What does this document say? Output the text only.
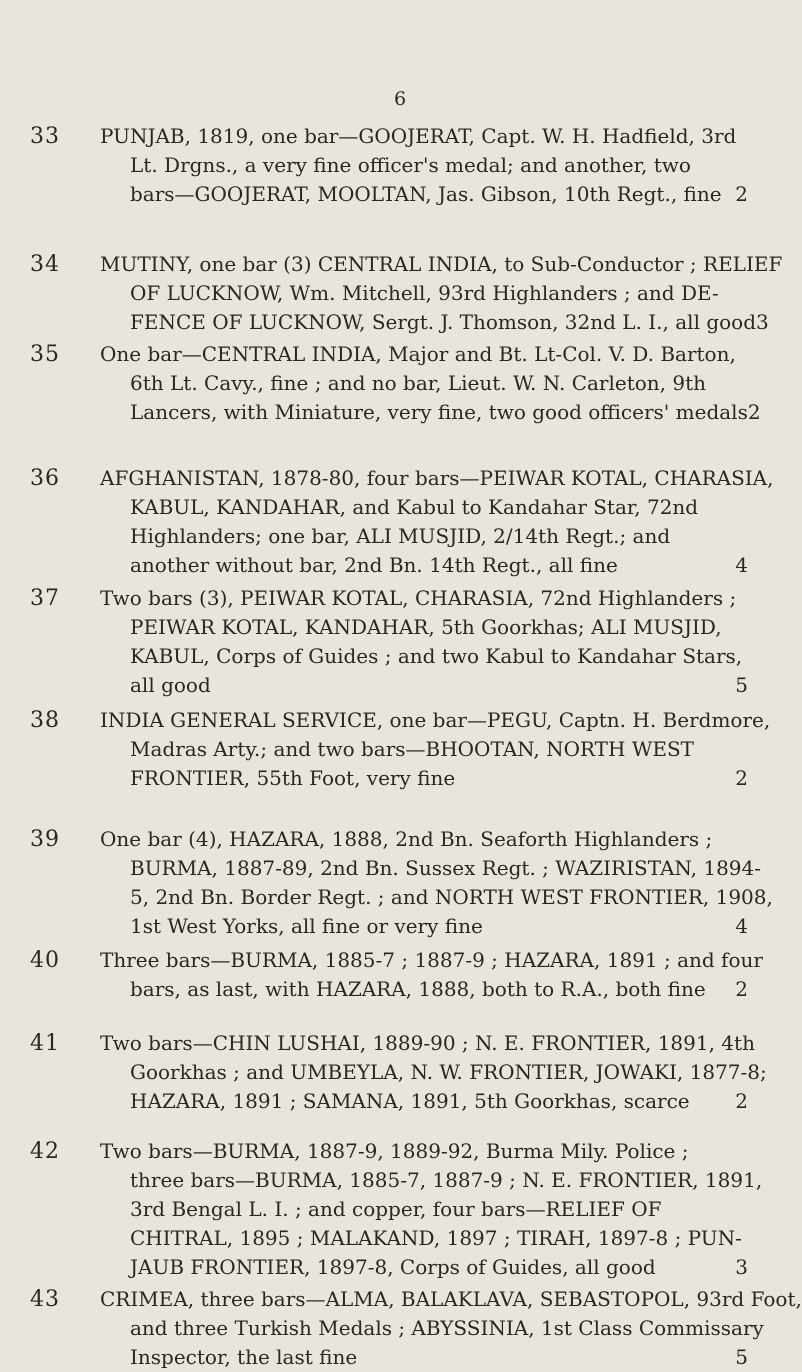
6
33 PUNJAB, 1819, one bar—GOOJERAT, Capt. W. H. Hadfield, 3rd
Lt. Drgns., a very fine officer's medal; and another, two
bars—GOOJERAT, MOOLTAN, Jas. Gibson, 10th Regt., fine 2
34 MUTINY, one bar (3) CENTRAL INDIA, to Sub-Conductor ; RELIEF
OF LUCKNOW, Wm. Mitchell, 93rd Highlanders ; and DE-
FENCE OF LUCKNOW, Sergt. J. Thomson, 32nd L. I., all good 3
35 One bar—CENTRAL INDIA, Major and Bt. Lt-Col. V. D. Barton,
6th Lt. Cavy., fine ; and no bar, Lieut. W. N. Carleton, 9th
Lancers, with Miniature, very fine, two good officers' medals 2
36 AFGHANISTAN, 1878-80, four bars—PEIWAR KOTAL, CHARASIA,
KABUL, KANDAHAR, and Kabul to Kandahar Star, 72nd
Highlanders; one bar, ALI MUSJID, 2/14th Regt.; and
another without bar, 2nd Bn. 14th Regt., all fine	4
37 Two bars (3), PEIWAR KOTAL, CHARASIA, 72nd Highlanders ;
PEIWAR KOTAL, KANDAHAR, 5th Goorkhas; ALI MUSJID,
KABUL, Corps of Guides ; and two Kabul to Kandahar Stars,
all good	5
38 INDIA GENERAL SERVICE, one bar—PEGU, Captn. H. Berdmore,
Madras Arty.; and two bars—BHOOTAN, NORTH WEST
FRONTIER, 55th Foot, very fine	2
39 One bar (4), HAZARA, 1888, 2nd Bn. Seaforth Highlanders ;
BURMA, 1887-89, 2nd Bn. Sussex Regt. ; WAZIRISTAN, 1894-
5, 2nd Bn. Border Regt. ; and NORTH WEST FRONTIER, 1908,
1st West Yorks, all fine or very fine	4
40 Three bars—BURMA, 1885-7 ; 1887-9 ; HAZARA, 1891 ; and four
bars, as last, with HAZARA, 1888, both to R.A., both fine 2
41 Two bars—CHIN LUSHAI, 1889-90 ; N. E. FRONTIER, 1891, 4th
Goorkhas ; and UMBEYLA, N. W. FRONTIER, JOWAKI, 1877-8;
HAZARA, 1891 ; SAMANA, 1891, 5th Goorkhas, scarce 2
42 Two bars—BURMA, 1887-9, 1889-92, Burma Mily. Police ;
three bars—BURMA, 1885-7, 1887-9 ; N. E. FRONTIER, 1891,
3rd Bengal L. I. ; and copper, four bars—RELIEF OF
CHITRAL, 1895 ; MALAKAND, 1897 ; TIRAH, 1897-8 ; PUN-
JAUB FRONTIER, 1897-8, Corps of Guides, all good	3
43 CRIMEA, three bars—ALMA, BALAKLAVA, SEBASTOPOL, 93rd Foot,
and three Turkish Medals ; ABYSSINIA, 1st Class Commissary
Inspector, the last fine	5
